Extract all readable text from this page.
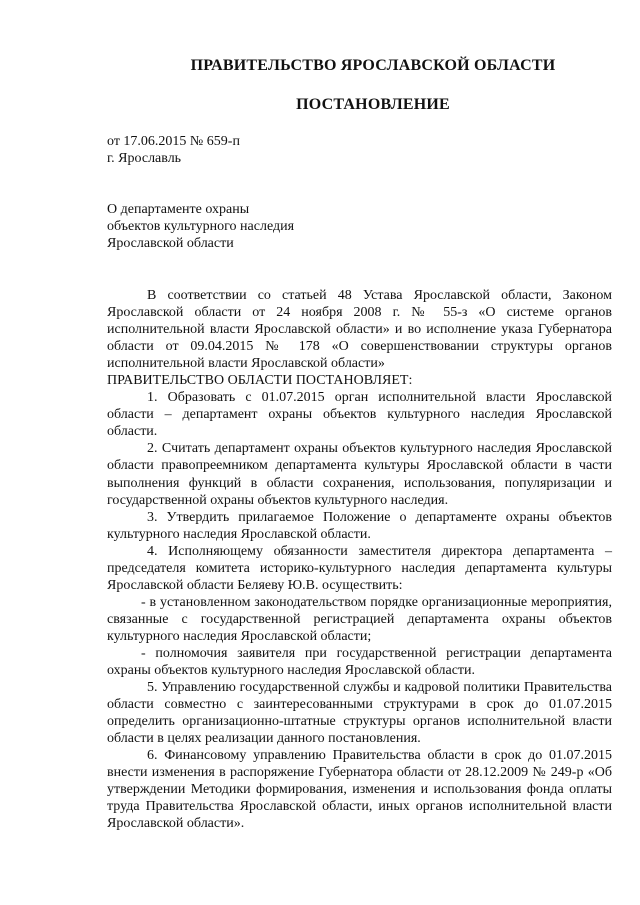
ПРАВИТЕЛЬСТВО ЯРОСЛАВСКОЙ ОБЛАСТИ
ПОСТАНОВЛЕНИЕ
от 17.06.2015 № 659-п
г. Ярославль
О департаменте охраны
объектов культурного наследия
Ярославской области

В соответствии со статьей 48 Устава Ярославской области, Законом Ярославской области от 24 ноября 2008 г. № 55-з «О системе органов исполнительной власти Ярославской области» и во исполнение указа Губернатора области от 09.04.2015 № 178 «О совершенствовании структуры органов исполнительной власти Ярославской области»

ПРАВИТЕЛЬСТВО ОБЛАСТИ ПОСТАНОВЛЯЕТ:

1. Образовать с 01.07.2015 орган исполнительной власти Ярославской области – департамент охраны объектов культурного наследия Ярославской области.

2. Считать департамент охраны объектов культурного наследия Ярославской области правопреемником департамента культуры Ярославской области в части выполнения функций в области сохранения, использования, популяризации и государственной охраны объектов культурного наследия.

3. Утвердить прилагаемое Положение о департаменте охраны объектов культурного наследия Ярославской области.

4. Исполняющему обязанности заместителя директора департамента – председателя комитета историко-культурного наследия департамента культуры Ярославской области Беляеву Ю.В. осуществить:

- в установленном законодательством порядке организационные мероприятия, связанные с государственной регистрацией департамента охраны объектов культурного наследия Ярославской области;

- полномочия заявителя при государственной регистрации департамента охраны объектов культурного наследия Ярославской области.

5. Управлению государственной службы и кадровой политики Правительства области совместно с заинтересованными структурами в срок до 01.07.2015 определить организационно-штатные структуры органов исполнительной власти области в целях реализации данного постановления.

6. Финансовому управлению Правительства области в срок до 01.07.2015 внести изменения в распоряжение Губернатора области от 28.12.2009 № 249-р «Об утверждении Методики формирования, изменения и использования фонда оплаты труда Правительства Ярославской области, иных органов исполнительной власти Ярославской области».
